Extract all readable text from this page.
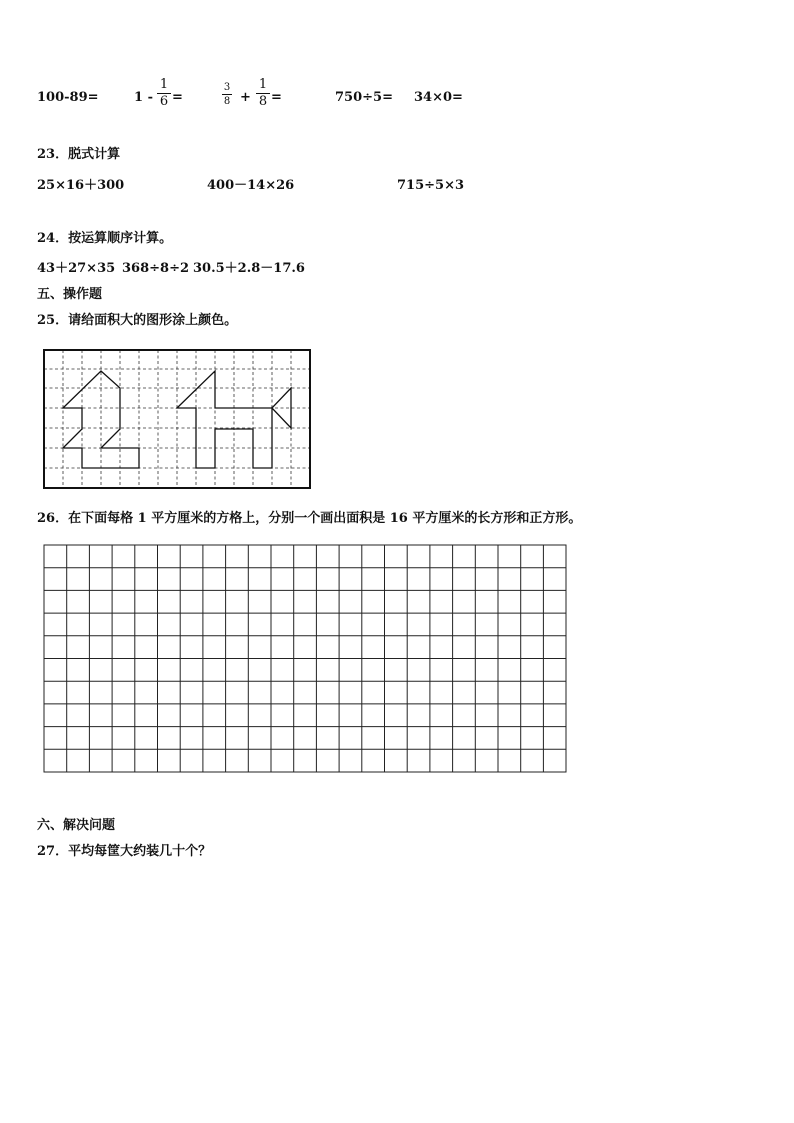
100-89=	1 -
1
6 =
3
8 +
1
8 =	750÷5= 34×0=
23．脱式计算
25×16＋300	400－14×26	715÷5×3
24．按运算顺序计算。
43＋27×35 368÷8÷2 30.5＋2.8－17.6
五、操作题
25．请给面积大的图形涂上颜色。
26．在下面每格 1 平方厘米的方格上，分别一个画出面积是 16 平方厘米的长方形和正方形。
六、解决问题
27．平均每筐大约装几十个？
